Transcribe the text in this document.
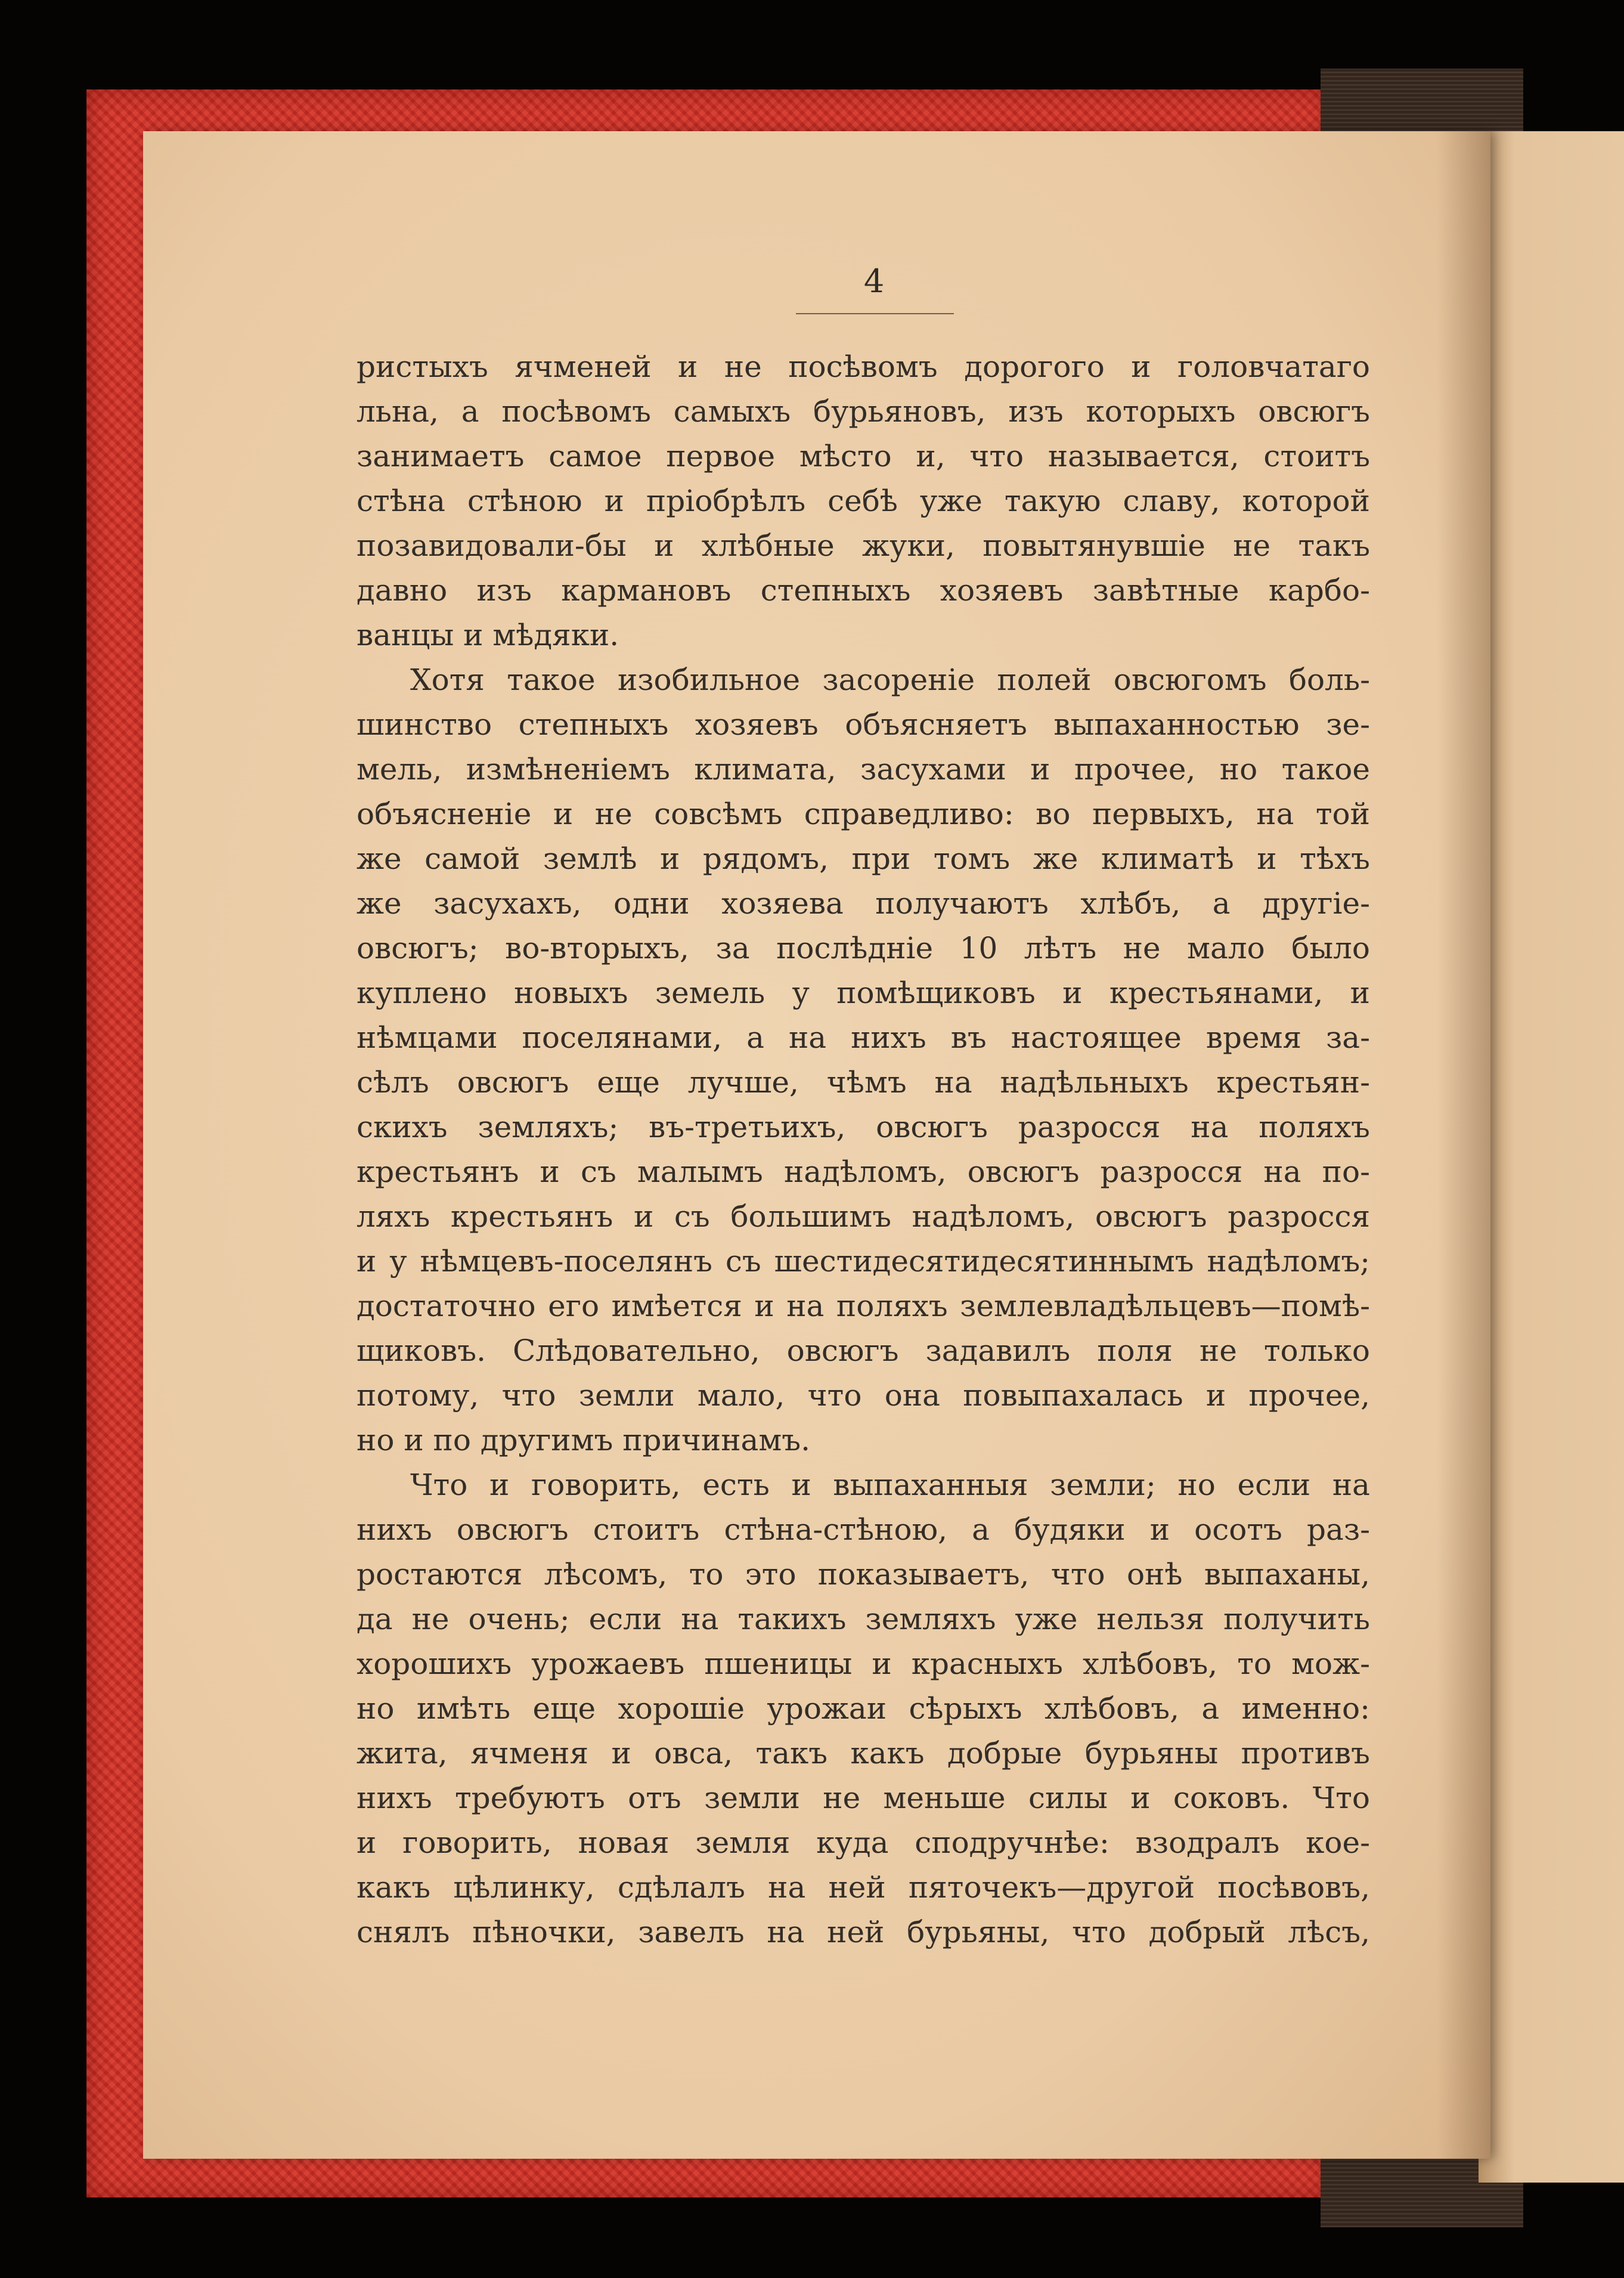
4
ристыхъ ячменей и не посѣвомъ дорогого и головчатаго
льна, а посѣвомъ самыхъ бурьяновъ, изъ которыхъ овсюгъ
занимаетъ самое первое мѣсто и, что называется, стоитъ
стѣна стѣною и пріобрѣлъ себѣ уже такую славу, которой
позавидовали-бы и хлѣбные жуки, повытянувшіе не такъ
давно изъ кармановъ степныхъ хозяевъ завѣтные карбо-
ванцы и мѣдяки.
Хотя такое изобильное засореніе полей овсюгомъ боль-
шинство степныхъ хозяевъ объясняетъ выпаханностью зе-
мель, измѣненіемъ климата, засухами и прочее, но такое
объясненіе и не совсѣмъ справедливо: во первыхъ, на той
же самой землѣ и рядомъ, при томъ же климатѣ и тѣхъ
же засухахъ, одни хозяева получаютъ хлѣбъ, а другіе-
овсюгъ; во-вторыхъ, за послѣдніе 10 лѣтъ не мало было
куплено новыхъ земель у помѣщиковъ и крестьянами, и
нѣмцами поселянами, а на нихъ въ настоящее время за-
сѣлъ овсюгъ еще лучше, чѣмъ на надѣльныхъ крестьян-
скихъ земляхъ; въ-третьихъ, овсюгъ разросся на поляхъ
крестьянъ и съ малымъ надѣломъ, овсюгъ разросся на по-
ляхъ крестьянъ и съ большимъ надѣломъ, овсюгъ разросся
и у нѣмцевъ-поселянъ съ шестидесятидесятиннымъ надѣломъ;
достаточно его имѣется и на поляхъ землевладѣльцевъ—помѣ-
щиковъ. Слѣдовательно, овсюгъ задавилъ поля не только
потому, что земли мало, что она повыпахалась и прочее,
но и по другимъ причинамъ.
Что и говорить, есть и выпаханныя земли; но если на
нихъ овсюгъ стоитъ стѣна-стѣною, а будяки и осотъ раз-
ростаются лѣсомъ, то это показываетъ, что онѣ выпаханы,
да не очень; если на такихъ земляхъ уже нельзя получить
хорошихъ урожаевъ пшеницы и красныхъ хлѣбовъ, то мож-
но имѣть еще хорошіе урожаи сѣрыхъ хлѣбовъ, а именно:
жита, ячменя и овса, такъ какъ добрые бурьяны противъ
нихъ требуютъ отъ земли не меньше силы и соковъ. Что
и говорить, новая земля куда сподручнѣе: взодралъ кое-
какъ цѣлинку, сдѣлалъ на ней пяточекъ—другой посѣвовъ,
снялъ пѣночки, завелъ на ней бурьяны, что добрый лѣсъ,
